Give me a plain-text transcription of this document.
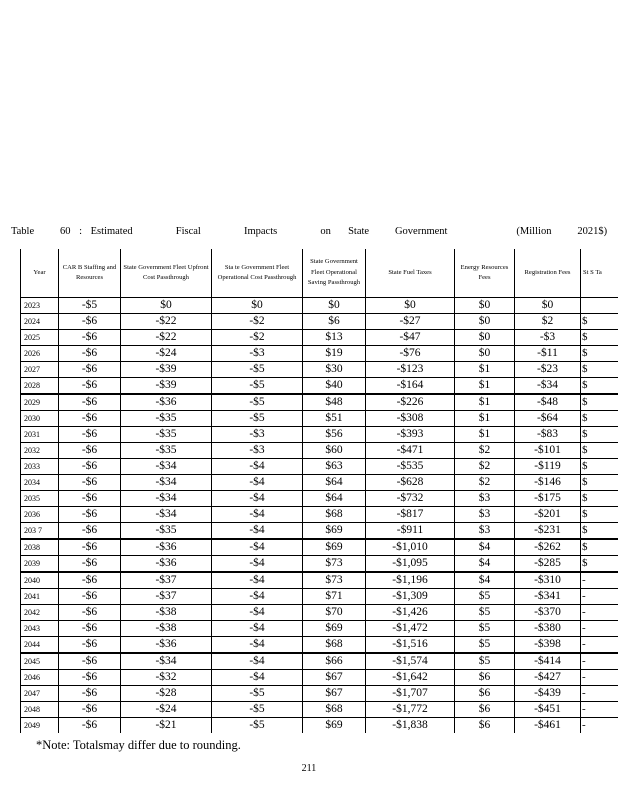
Table   60 : Estimated     Fiscal     Impacts     on  State   Government        (Million   2021$)
Year	CAR B Staffing and Resources	State Government Fleet Upfront Cost Passthrough	Sta te Government Fleet Operational Cost Passthrough	State Government Fleet Operational Saving Passthrough	State Fuel Taxes	Energy Resources Fees	Registration Fees	St S Ta
2023	-$5	$0	$0	$0	$0	$0	$0	
2024	-$6	-$22	-$2	$6	-$27	$0	$2	$
2025	-$6	-$22	-$2	$13	-$47	$0	-$3	$
2026	-$6	-$24	-$3	$19	-$76	$0	-$11	$
2027	-$6	-$39	-$5	$30	-$123	$1	-$23	$
2028	-$6	-$39	-$5	$40	-$164	$1	-$34	$
2029	-$6	-$36	-$5	$48	-$226	$1	-$48	$
2030	-$6	-$35	-$5	$51	-$308	$1	-$64	$
2031	-$6	-$35	-$3	$56	-$393	$1	-$83	$
2032	-$6	-$35	-$3	$60	-$471	$2	-$101	$
2033	-$6	-$34	-$4	$63	-$535	$2	-$119	$
2034	-$6	-$34	-$4	$64	-$628	$2	-$146	$
2035	-$6	-$34	-$4	$64	-$732	$3	-$175	$
2036	-$6	-$34	-$4	$68	-$817	$3	-$201	$
203 7	-$6	-$35	-$4	$69	-$911	$3	-$231	$
2038	-$6	-$36	-$4	$69	-$1,010	$4	-$262	$
2039	-$6	-$36	-$4	$73	-$1,095	$4	-$285	$
2040	-$6	-$37	-$4	$73	-$1,196	$4	-$310	-
2041	-$6	-$37	-$4	$71	-$1,309	$5	-$341	-
2042	-$6	-$38	-$4	$70	-$1,426	$5	-$370	-
2043	-$6	-$38	-$4	$69	-$1,472	$5	-$380	-
2044	-$6	-$36	-$4	$68	-$1,516	$5	-$398	-
2045	-$6	-$34	-$4	$66	-$1,574	$5	-$414	-
2046	-$6	-$32	-$4	$67	-$1,642	$6	-$427	-
2047	-$6	-$28	-$5	$67	-$1,707	$6	-$439	-
2048	-$6	-$24	-$5	$68	-$1,772	$6	-$451	-
2049	-$6	-$21	-$5	$69	-$1,838	$6	-$461	-

*Note: Totalsmay differ due to rounding.
211
